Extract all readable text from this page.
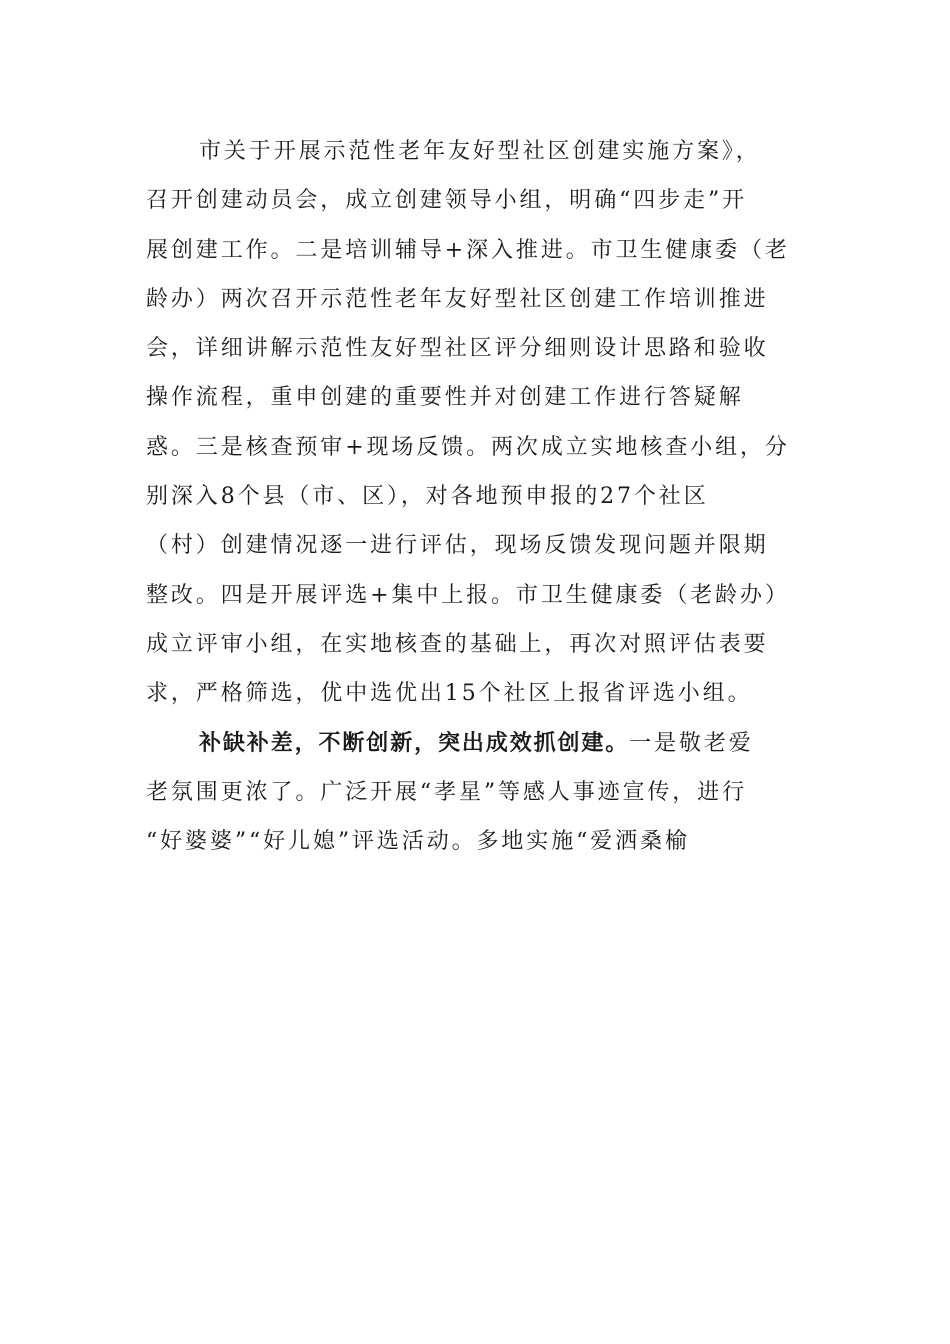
市关于开展示范性老年友好型社区创建实施方案》，
召开创建动员会，成立创建领导小组，明确“四步走”开
展创建工作。二是培训辅导+深入推进。市卫生健康委（老
龄办）两次召开示范性老年友好型社区创建工作培训推进
会，详细讲解示范性友好型社区评分细则设计思路和验收
操作流程，重申创建的重要性并对创建工作进行答疑解
惑。三是核查预审+现场反馈。两次成立实地核查小组，分
别深入8个县（市、区），对各地预申报的27个社区
（村）创建情况逐一进行评估，现场反馈发现问题并限期
整改。四是开展评选+集中上报。市卫生健康委（老龄办）
成立评审小组，在实地核查的基础上，再次对照评估表要
求，严格筛选，优中选优出15个社区上报省评选小组。
补缺补差，不断创新，突出成效抓创建。一是敬老爱
老氛围更浓了。广泛开展“孝星”等感人事迹宣传，进行
“好婆婆”“好儿媳”评选活动。多地实施“爱洒桑榆
